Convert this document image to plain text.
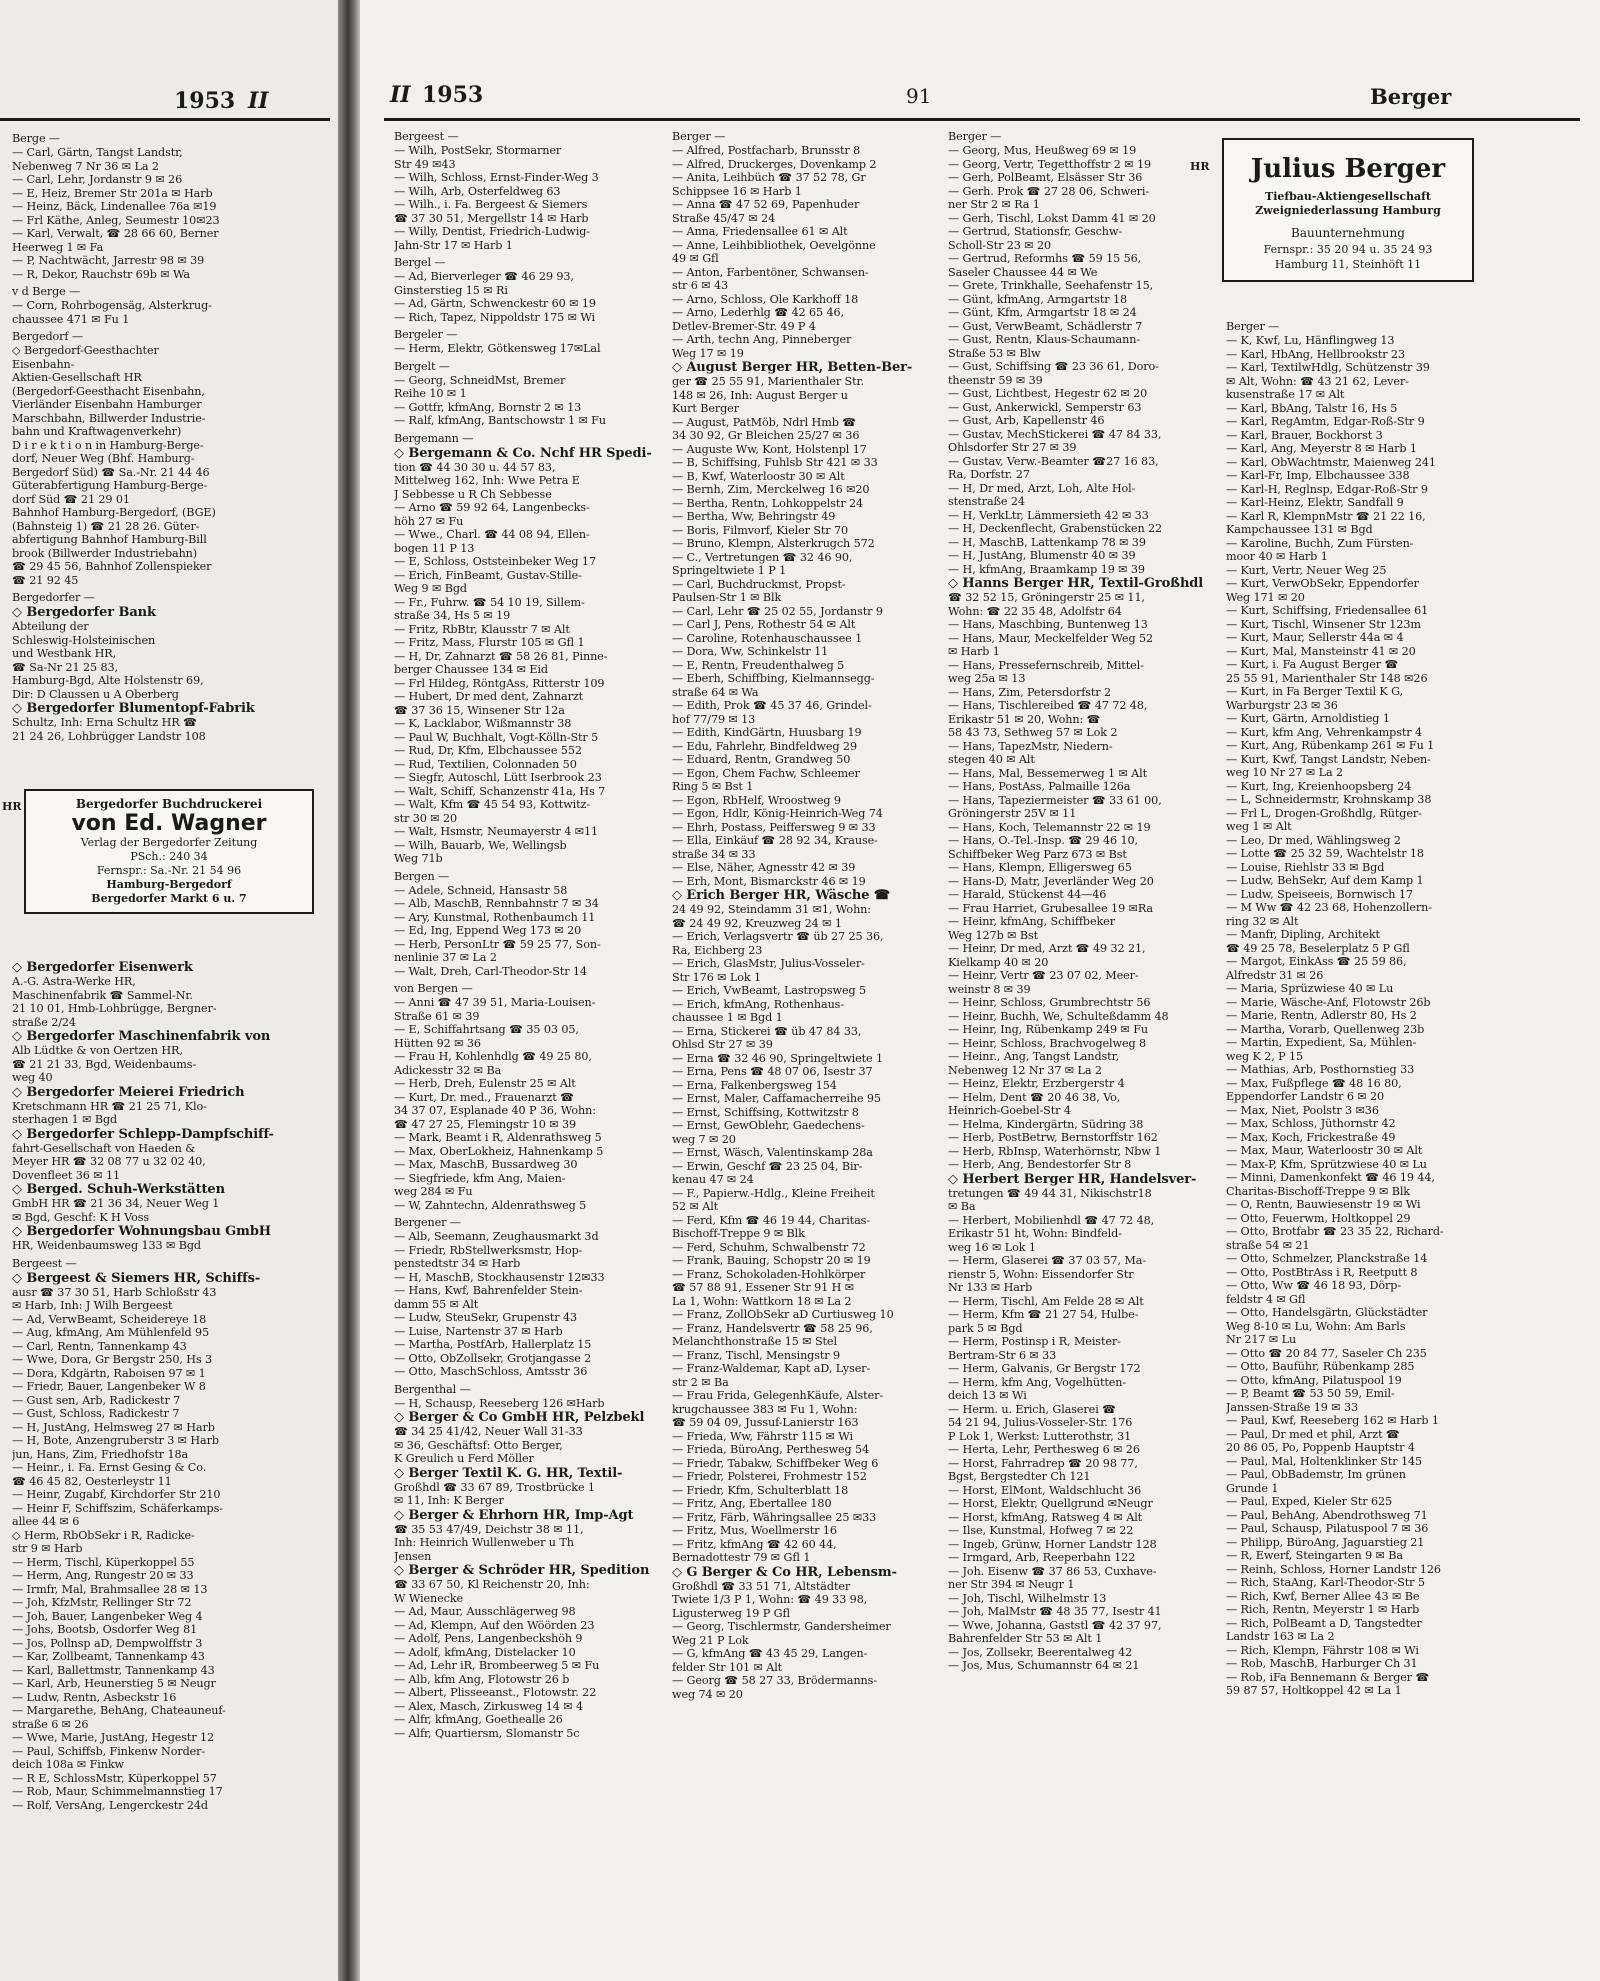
1953 II
Berge —
— Carl, Gärtn, Tangst Landstr,
Nebenweg 7 Nr 36 ✉ La 2
— Carl, Lehr, Jordanstr 9 ✉ 26
— E, Heiz, Bremer Str 201a ✉ Harb
— Heinz, Bäck, Lindenallee 76a ✉19
— Frl Käthe, Anleg, Seumestr 10✉23
— Karl, Verwalt, ☎ 28 66 60, Berner
Heerweg 1 ✉ Fa
— P, Nachtwächt, Jarrestr 98 ✉ 39
— R, Dekor, Rauchstr 69b ✉ Wa
v d Berge —
— Corn, Rohrbogensäg, Alsterkrug-
chaussee 471 ✉ Fu 1
Bergedorf —
◇ Bergedorf-Geesthachter
Eisenbahn-
Aktien-Gesellschaft HR
(Bergedorf-Geesthacht Eisenbahn,
Vierländer Eisenbahn Hamburger
Marschbahn, Billwerder Industrie-
bahn und Kraftwagenverkehr)
D i r e k t i o n in Hamburg-Berge-
dorf, Neuer Weg (Bhf. Hamburg-
Bergedorf Süd) ☎ Sa.-Nr. 21 44 46
Güterabfertigung Hamburg-Berge-
dorf Süd ☎ 21 29 01
Bahnhof Hamburg-Bergedorf, (BGE)
(Bahnsteig 1) ☎ 21 28 26. Güter-
abfertigung Bahnhof Hamburg-Bill
brook (Billwerder Industriebahn)
☎ 29 45 56, Bahnhof Zollenspieker
☎ 21 92 45
Bergedorfer —
◇ Bergedorfer Bank
Abteilung der
Schleswig-Holsteinischen
und Westbank HR,
☎ Sa-Nr 21 25 83,
Hamburg-Bgd, Alte Holstenstr 69,
Dir: D Claussen u A Oberberg
◇ Bergedorfer Blumentopf-Fabrik
Schultz, Inh: Erna Schultz HR ☎
21 24 26, Lohbrügger Landstr 108
HR	Bergedorfer Buchdruckerei
von Ed. Wagner
Verlag der Bergedorfer Zeitung
PSch.: 240 34
Fernspr.: Sa.-Nr. 21 54 96
Hamburg-Bergedorf
Bergedorfer Markt 6 u. 7
◇ Bergedorfer Eisenwerk
A.-G. Astra-Werke HR,
Maschinenfabrik ☎ Sammel-Nr.
21 10 01, Hmb-Lohbrügge, Bergner-
straße 2/24
◇ Bergedorfer Maschinenfabrik von
Alb Lüdtke & von Oertzen HR,
☎ 21 21 33, Bgd, Weidenbaums-
weg 40
◇ Bergedorfer Meierei Friedrich
Kretschmann HR ☎ 21 25 71, Klo-
sterhagen 1 ✉ Bgd
◇ Bergedorfer Schlepp-Dampfschiff-
fahrt-Gesellschaft von Haeden &
Meyer HR ☎ 32 08 77 u 32 02 40,
Dovenfleet 36 ✉ 11
◇ Berged. Schuh-Werkstätten
GmbH HR ☎ 21 36 34, Neuer Weg 1
✉ Bgd, Geschf: K H Voss
◇ Bergedorfer Wohnungsbau GmbH
HR, Weidenbaumsweg 133 ✉ Bgd
Bergeest —
◇ Bergeest & Siemers HR, Schiffs-
ausr ☎ 37 30 51, Harb Schloßstr 43
✉ Harb, Inh: J Wilh Bergeest
— Ad, VerwBeamt, Scheidereye 18
— Aug, kfmAng, Am Mühlenfeld 95
— Carl, Rentn, Tannenkamp 43
— Wwe, Dora, Gr Bergstr 250, Hs 3
— Dora, Kdgärtn, Raboisen 97 ✉ 1
— Friedr, Bauer, Langenbeker W 8
— Gust sen, Arb, Radickestr 7
— Gust, Schloss, Radickestr 7
— H, JustAng, Helmsweg 27 ✉ Harb
— H, Bote, Anzengruberstr 3 ✉ Harb
jun, Hans, Zim, Friedhofstr 18a
— Heinr., i. Fa. Ernst Gesing & Co.
☎ 46 45 82, Oesterleystr 11
— Heinr, Zugabf, Kirchdorfer Str 210
— Heinr F, Schiffszim, Schäferkamps-
allee 44 ✉ 6
◇ Herm, RbObSekr i R, Radicke-
str 9 ✉ Harb
— Herm, Tischl, Küperkoppel 55
— Herm, Ang, Rungestr 20 ✉ 33
— Irmfr, Mal, Brahmsallee 28 ✉ 13
— Joh, KfzMstr, Rellinger Str 72
— Joh, Bauer, Langenbeker Weg 4
— Johs, Bootsb, Osdorfer Weg 81
— Jos, Pollnsp aD, Dempwolffstr 3
— Kar, Zollbeamt, Tannenkamp 43
— Karl, Ballettmstr, Tannenkamp 43
— Karl, Arb, Heunerstieg 5 ✉ Neugr
— Ludw, Rentn, Asbeckstr 16
— Margarethe, BehAng, Chateauneuf-
straße 6 ✉ 26
— Wwe, Marie, JustAng, Hegestr 12
— Paul, Schiffsb, Finkenw Norder-
deich 108a ✉ Finkw
— R E, SchlossMstr, Küperkoppel 57
— Rob, Maur, Schimmelmannstieg 17
— Rolf, VersAng, Lengerckestr 24d
II 1953	91	Berger
Bergeest —
— Wilh, PostSekr, Stormarner
Str 49 ✉43
— Wilh, Schloss, Ernst-Finder-Weg 3
— Wilh, Arb, Osterfeldweg 63
— Wilh., i. Fa. Bergeest & Siemers
☎ 37 30 51, Mergellstr 14 ✉ Harb
— Willy, Dentist, Friedrich-Ludwig-
Jahn-Str 17 ✉ Harb 1
Bergel —
— Ad, Bierverleger ☎ 46 29 93,
Ginsterstieg 15 ✉ Ri
— Ad, Gärtn, Schwenckestr 60 ✉ 19
— Rich, Tapez, Nippoldstr 175 ✉ Wi
Bergeler —
— Herm, Elektr, Götkensweg 17✉Lal
Bergelt —
— Georg, SchneidMst, Bremer
Reihe 10 ✉ 1
— Gottfr, kfmAng, Bornstr 2 ✉ 13
— Ralf, kfmAng, Bantschowstr 1 ✉ Fu
Bergemann —
◇ Bergemann & Co. Nchf HR Spedi-
tion ☎ 44 30 30 u. 44 57 83,
Mittelweg 162, Inh: Wwe Petra E
J Sebbesse u R Ch Sebbesse
— Arno ☎ 59 92 64, Langenbecks-
höh 27 ✉ Fu
— Wwe., Charl. ☎ 44 08 94, Ellen-
bogen 11 P 13
— E, Schloss, Oststeinbeker Weg 17
— Erich, FinBeamt, Gustav-Stille-
Weg 9 ✉ Bgd
— Fr., Fuhrw. ☎ 54 10 19, Sillem-
straße 34, Hs 5 ✉ 19
— Fritz, RbBtr, Klausstr 7 ✉ Alt
— Fritz, Mass, Flurstr 105 ✉ Gfl 1
— H, Dr, Zahnarzt ☎ 58 26 81, Pinne-
berger Chaussee 134 ✉ Eid
— Frl Hildeg, RöntgAss, Ritterstr 109
— Hubert, Dr med dent, Zahnarzt
☎ 37 36 15, Winsener Str 12a
— K, Lacklabor, Wißmannstr 38
— Paul W, Buchhalt, Vogt-Kölln-Str 5
— Rud, Dr, Kfm, Elbchaussee 552
— Rud, Textilien, Colonnaden 50
— Siegfr, Autoschl, Lütt Iserbrook 23
— Walt, Schiff, Schanzenstr 41a, Hs 7
— Walt, Kfm ☎ 45 54 93, Kottwitz-
str 30 ✉ 20
— Walt, Hsmstr, Neumayerstr 4 ✉11
— Wilh, Bauarb, We, Wellingsb
Weg 71b
Bergen —
— Adele, Schneid, Hansastr 58
— Alb, MaschB, Rennbahnstr 7 ✉ 34
— Ary, Kunstmal, Rothenbaumch 11
— Ed, Ing, Eppend Weg 173 ✉ 20
— Herb, PersonLtr ☎ 59 25 77, Son-
nenlinie 37 ✉ La 2
— Walt, Dreh, Carl-Theodor-Str 14
von Bergen —
— Anni ☎ 47 39 51, Maria-Louisen-
Straße 61 ✉ 39
— E, Schiffahrtsang ☎ 35 03 05,
Hütten 92 ✉ 36
— Frau H, Kohlenhdlg ☎ 49 25 80,
Adickesstr 32 ✉ Ba
— Herb, Dreh, Eulenstr 25 ✉ Alt
— Kurt, Dr. med., Frauenarzt ☎
34 37 07, Esplanade 40 P 36, Wohn:
☎ 47 27 25, Flemingstr 10 ✉ 39
— Mark, Beamt i R, Aldenrathsweg 5
— Max, OberLokheiz, Hahnenkamp 5
— Max, MaschB, Bussardweg 30
— Siegfriede, kfm Ang, Maien-
weg 284 ✉ Fu
— W, Zahntechn, Aldenrathsweg 5
Bergener —
— Alb, Seemann, Zeughausmarkt 3d
— Friedr, RbStellwerksmstr, Hop-
penstedtstr 34 ✉ Harb
— H, MaschB, Stockhausenstr 12✉33
— Hans, Kwf, Bahrenfelder Stein-
damm 55 ✉ Alt
— Ludw, SteuSekr, Grupenstr 43
— Luise, Nartenstr 37 ✉ Harb
— Martha, PostfArb, Hallerplatz 15
— Otto, ObZollsekr, Grotjangasse 2
— Otto, MaschSchloss, Amtsstr 36
Bergenthal —
— H, Schausp, Reeseberg 126 ✉Harb
◇ Berger & Co GmbH HR, Pelzbekl
☎ 34 25 41/42, Neuer Wall 31-33
✉ 36, Geschäftsf: Otto Berger,
K Greulich u Ferd Möller
◇ Berger Textil K. G. HR, Textil-
Großhdl ☎ 33 67 89, Trostbrücke 1
✉ 11, Inh: K Berger
◇ Berger & Ehrhorn HR, Imp-Agt
☎ 35 53 47/49, Deichstr 38 ✉ 11,
Inh: Heinrich Wullenweber u Th
Jensen
◇ Berger & Schröder HR, Spedition
☎ 33 67 50, Kl Reichenstr 20, Inh:
W Wienecke
— Ad, Maur, Ausschlägerweg 98
— Ad, Klempn, Auf den Wöörden 23
— Adolf, Pens, Langenbeckshöh 9
— Adolf, kfmAng, Distelacker 10
— Ad, Lehr iR, Brombeerweg 5 ✉ Fu
— Alb, kfm Ang, Flotowstr 26 b
— Albert, Plisseeanst., Flotowstr. 22
— Alex, Masch, Zirkusweg 14 ✉ 4
— Alfr, kfmAng, Goethealle 26
— Alfr, Quartiersm, Slomanstr 5c
Berger —
— Alfred, Postfacharb, Brunsstr 8
— Alfred, Druckerges, Dovenkamp 2
— Anita, Leihbüch ☎ 37 52 78, Gr
Schippsee 16 ✉ Harb 1
— Anna ☎ 47 52 69, Papenhuder
Straße 45/47 ✉ 24
— Anna, Friedensallee 61 ✉ Alt
— Anne, Leihbibliothek, Oevelgönne
49 ✉ Gfl
— Anton, Farbentöner, Schwansen-
str 6 ✉ 43
— Arno, Schloss, Ole Karkhoff 18
— Arno, Lederhlg ☎ 42 65 46,
Detlev-Bremer-Str. 49 P 4
— Arth, techn Ang, Pinneberger
Weg 17 ✉ 19
◇ August Berger HR, Betten-Ber-
ger ☎ 25 55 91, Marienthaler Str.
148 ✉ 26, Inh: August Berger u
Kurt Berger
— August, PatMöb, Ndrl Hmb ☎
34 30 92, Gr Bleichen 25/27 ✉ 36
— Auguste Ww, Kont, Holstenpl 17
— B, Schiffsing, Fuhlsb Str 421 ✉ 33
— B, Kwf, Waterloostr 30 ✉ Alt
— Bernh, Zim, Merckelweg 16 ✉20
— Bertha, Rentn, Lohkoppelstr 24
— Bertha, Ww, Behringstr 49
— Boris, Filmvorf, Kieler Str 70
— Bruno, Klempn, Alsterkrugch 572
— C., Vertretungen ☎ 32 46 90,
Springeltwiete 1 P 1
— Carl, Buchdruckmst, Propst-
Paulsen-Str 1 ✉ Blk
— Carl, Lehr ☎ 25 02 55, Jordanstr 9
— Carl J, Pens, Rothestr 54 ✉ Alt
— Caroline, Rotenhauschaussee 1
— Dora, Ww, Schinkelstr 11
— E, Rentn, Freudenthalweg 5
— Eberh, Schiffbing, Kielmannsegg-
straße 64 ✉ Wa
— Edith, Prok ☎ 45 37 46, Grindel-
hof 77/79 ✉ 13
— Edith, KindGärtn, Huusbarg 19
— Edu, Fahrlehr, Bindfeldweg 29
— Eduard, Rentn, Grandweg 50
— Egon, Chem Fachw, Schleemer
Ring 5 ✉ Bst 1
— Egon, RbHelf, Wroostweg 9
— Egon, Hdlr, König-Heinrich-Weg 74
— Ehrh, Postass, Peiffersweg 9 ✉ 33
— Ella, Einkäuf ☎ 28 92 34, Krause-
straße 34 ✉ 33
— Else, Näher, Agnesstr 42 ✉ 39
— Erh, Mont, Bismarckstr 46 ✉ 19
◇ Erich Berger HR, Wäsche ☎
24 49 92, Steindamm 31 ✉1, Wohn:
☎ 24 49 92, Kreuzweg 24 ✉ 1
— Erich, Verlagsvertr ☎ üb 27 25 36,
Ra, Eichberg 23
— Erich, GlasMstr, Julius-Vosseler-
Str 176 ✉ Lok 1
— Erich, VwBeamt, Lastropsweg 5
— Erich, kfmAng, Rothenhaus-
chaussee 1 ✉ Bgd 1
— Erna, Stickerei ☎ üb 47 84 33,
Ohlsd Str 27 ✉ 39
— Erna ☎ 32 46 90, Springeltwiete 1
— Erna, Pens ☎ 48 07 06, Isestr 37
— Erna, Falkenbergsweg 154
— Ernst, Maler, Caffamacherreihe 95
— Ernst, Schiffsing, Kottwitzstr 8
— Ernst, GewOblehr, Gaedechens-
weg 7 ✉ 20
— Ernst, Wäsch, Valentinskamp 28a
— Erwin, Geschf ☎ 23 25 04, Bir-
kenau 47 ✉ 24
— F., Papierw.-Hdlg., Kleine Freiheit
52 ✉ Alt
— Ferd, Kfm ☎ 46 19 44, Charitas-
Bischoff-Treppe 9 ✉ Blk
— Ferd, Schuhm, Schwalbenstr 72
— Frank, Bauing, Schopstr 20 ✉ 19
— Franz, Schokoladen-Hohlkörper
☎ 57 88 91, Essener Str 91 H ✉
La 1, Wohn: Wattkorn 18 ✉ La 2
— Franz, ZollObSekr aD Curtiusweg 10
— Franz, Handelsvertr ☎ 58 25 96,
Melanchthonstraße 15 ✉ Stel
— Franz, Tischl, Mensingstr 9
— Franz-Waldemar, Kapt aD, Lyser-
str 2 ✉ Ba
— Frau Frida, GelegenhKäufe, Alster-
krugchaussee 383 ✉ Fu 1, Wohn:
☎ 59 04 09, Jussuf-Lanierstr 163
— Frieda, Ww, Fährstr 115 ✉ Wi
— Frieda, BüroAng, Perthesweg 54
— Friedr, Tabakw, Schiffbeker Weg 6
— Friedr, Polsterei, Frohmestr 152
— Friedr, Kfm, Schulterblatt 18
— Fritz, Ang, Ebertallee 180
— Fritz, Färb, Währingsallee 25 ✉33
— Fritz, Mus, Woellmerstr 16
— Fritz, kfmAng ☎ 42 60 44,
Bernadottestr 79 ✉ Gfl 1
◇ G Berger & Co HR, Lebensm-
Großhdl ☎ 33 51 71, Altstädter
Twiete 1/3 P 1, Wohn: ☎ 49 33 98,
Ligusterweg 19 P Gfl
— Georg, Tischlermstr, Gandersheimer
Weg 21 P Lok
— G, kfmAng ☎ 43 45 29, Langen-
felder Str 101 ✉ Alt
— Georg ☎ 58 27 33, Brödermanns-
weg 74 ✉ 20
Berger —
— Georg, Mus, Heußweg 69 ✉ 19
— Georg, Vertr, Tegetthoffstr 2 ✉ 19
— Gerh, PolBeamt, Elsässer Str 36
— Gerh. Prok ☎ 27 28 06, Schweri-
ner Str 2 ✉ Ra 1
— Gerh, Tischl, Lokst Damm 41 ✉ 20
— Gertrud, Stationsfr, Geschw-
Scholl-Str 23 ✉ 20
— Gertrud, Reformhs ☎ 59 15 56,
Saseler Chaussee 44 ✉ We
— Grete, Trinkhalle, Seehafenstr 15,
— Günt, kfmAng, Armgartstr 18
— Günt, Kfm, Armgartstr 18 ✉ 24
— Gust, VerwBeamt, Schädlerstr 7
— Gust, Rentn, Klaus-Schaumann-
Straße 53 ✉ Blw
— Gust, Schiffsing ☎ 23 36 61, Doro-
theenstr 59 ✉ 39
— Gust, Lichtbest, Hegestr 62 ✉ 20
— Gust, Ankerwickl, Semperstr 63
— Gust, Arb, Kapellenstr 46
— Gustav, MechStickerei ☎ 47 84 33,
Ohlsdorfer Str 27 ✉ 39
— Gustav, Verw.-Beamter ☎27 16 83,
Ra, Dorfstr. 27
— H, Dr med, Arzt, Loh, Alte Hol-
stenstraße 24
— H, VerkLtr, Lämmersieth 42 ✉ 33
— H, Deckenflecht, Grabenstücken 22
— H, MaschB, Lattenkamp 78 ✉ 39
— H, JustAng, Blumenstr 40 ✉ 39
— H, kfmAng, Braamkamp 19 ✉ 39
◇ Hanns Berger HR, Textil-Großhdl
☎ 32 52 15, Gröningerstr 25 ✉ 11,
Wohn: ☎ 22 35 48, Adolfstr 64
— Hans, Maschbing, Buntenweg 13
— Hans, Maur, Meckelfelder Weg 52
✉ Harb 1
— Hans, Pressefernschreib, Mittel-
weg 25a ✉ 13
— Hans, Zim, Petersdorfstr 2
— Hans, Tischlereibed ☎ 47 72 48,
Erikastr 51 ✉ 20, Wohn: ☎
58 43 73, Sethweg 57 ✉ Lok 2
— Hans, TapezMstr, Niedern-
stegen 40 ✉ Alt
— Hans, Mal, Bessemerweg 1 ✉ Alt
— Hans, PostAss, Palmaille 126a
— Hans, Tapeziermeister ☎ 33 61 00,
Gröningerstr 25V ✉ 11
— Hans, Koch, Telemannstr 22 ✉ 19
— Hans, O.-Tel.-Insp. ☎ 29 46 10,
Schiffbeker Weg Parz 673 ✉ Bst
— Hans, Klempn, Elligersweg 65
— Hans-D, Matr, Jeverländer Weg 20
— Harald, Stückenst 44—46
— Frau Harriet, Grubesallee 19 ✉Ra
— Heinr, kfmAng, Schiffbeker
Weg 127b ✉ Bst
— Heinr, Dr med, Arzt ☎ 49 32 21,
Kielkamp 40 ✉ 20
— Heinr, Vertr ☎ 23 07 02, Meer-
weinstr 8 ✉ 39
— Heinr, Schloss, Grumbrechtstr 56
— Heinr, Buchh, We, Schulteßdamm 48
— Heinr, Ing, Rübenkamp 249 ✉ Fu
— Heinr, Schloss, Brachvogelweg 8
— Heinr., Ang, Tangst Landstr,
Nebenweg 12 Nr 37 ✉ La 2
— Heinz, Elektr, Erzbergerstr 4
— Helm, Dent ☎ 20 46 38, Vo,
Heinrich-Goebel-Str 4
— Helma, Kindergärtn, Südring 38
— Herb, PostBetrw, Bernstorffstr 162
— Herb, RbInsp, Waterhörnstr, Nbw 1
— Herb, Ang, Bendestorfer Str 8
◇ Herbert Berger HR, Handelsver-
tretungen ☎ 49 44 31, Nikischstr18
✉ Ba
— Herbert, Mobilienhdl ☎ 47 72 48,
Erikastr 51 ht, Wohn: Bindfeld-
weg 16 ✉ Lok 1
— Herm, Glaserei ☎ 37 03 57, Ma-
rienstr 5, Wohn: Eissendorfer Str
Nr 133 ✉ Harb
— Herm, Tischl, Am Felde 28 ✉ Alt
— Herm, Kfm ☎ 21 27 54, Hulbe-
park 5 ✉ Bgd
— Herm, Postinsp i R, Meister-
Bertram-Str 6 ✉ 33
— Herm, Galvanis, Gr Bergstr 172
— Herm, kfm Ang, Vogelhütten-
deich 13 ✉ Wi
— Herm. u. Erich, Glaserei ☎
54 21 94, Julius-Vosseler-Str. 176
P Lok 1, Werkst: Lutterothstr, 31
— Herta, Lehr, Perthesweg 6 ✉ 26
— Horst, Fahrradrep ☎ 20 98 77,
Bgst, Bergstedter Ch 121
— Horst, ElMont, Waldschlucht 36
— Horst, Elektr, Quellgrund ✉Neugr
— Horst, kfmAng, Ratsweg 4 ✉ Alt
— Ilse, Kunstmal, Hofweg 7 ✉ 22
— Ingeb, Grünw, Horner Landstr 128
— Irmgard, Arb, Reeperbahn 122
— Joh. Eisenw ☎ 37 86 53, Cuxhave-
ner Str 394 ✉ Neugr 1
— Joh, Tischl, Wilhelmstr 13
— Joh, MalMstr ☎ 48 35 77, Isestr 41
— Wwe, Johanna, Gaststl ☎ 42 37 97,
Bahrenfelder Str 53 ✉ Alt 1
— Jos, Zollsekr, Beerentalweg 42
— Jos, Mus, Schumannstr 64 ✉ 21
HR	Julius Berger
Tiefbau-Aktiengesellschaft
Zweigniederlassung Hamburg
Bauunternehmung
Fernspr.: 35 20 94 u. 35 24 93
Hamburg 11, Steinhöft 11
Berger —
— K, Kwf, Lu, Hänflingweg 13
— Karl, HbAng, Hellbrookstr 23
— Karl, TextilwHdlg, Schützenstr 39
✉ Alt, Wohn: ☎ 43 21 62, Lever-
kusenstraße 17 ✉ Alt
— Karl, BbAng, Talstr 16, Hs 5
— Karl, RegAmtm, Edgar-Roß-Str 9
— Karl, Brauer, Bockhorst 3
— Karl, Ang, Meyerstr 8 ✉ Harb 1
— Karl, ObWachtmstr, Maienweg 241
— Karl-Fr, Imp, Elbchaussee 338
— Karl-H, Reglnsp, Edgar-Roß-Str 9
— Karl-Heinz, Elektr, Sandfall 9
— Karl R, KlempnMstr ☎ 21 22 16,
Kampchaussee 131 ✉ Bgd
— Karoline, Buchh, Zum Fürsten-
moor 40 ✉ Harb 1
— Kurt, Vertr, Neuer Weg 25
— Kurt, VerwObSekr, Eppendorfer
Weg 171 ✉ 20
— Kurt, Schiffsing, Friedensallee 61
— Kurt, Tischl, Winsener Str 123m
— Kurt, Maur, Sellerstr 44a ✉ 4
— Kurt, Mal, Mansteinstr 41 ✉ 20
— Kurt, i. Fa August Berger ☎
25 55 91, Marienthaler Str 148 ✉26
— Kurt, in Fa Berger Textil K G,
Warburgstr 23 ✉ 36
— Kurt, Gärtn, Arnoldistieg 1
— Kurt, kfm Ang, Vehrenkampstr 4
— Kurt, Ang, Rübenkamp 261 ✉ Fu 1
— Kurt, Kwf, Tangst Landstr, Neben-
weg 10 Nr 27 ✉ La 2
— Kurt, Ing, Kreienhoopsberg 24
— L, Schneidermstr, Krohnskamp 38
— Frl L, Drogen-Großhdlg, Rütger-
weg 1 ✉ Alt
— Leo, Dr med, Wählingsweg 2
— Lotte ☎ 25 32 59, Wachtelstr 18
— Louise, Riehlstr 33 ✉ Bgd
— Ludw, BehSekr, Auf dem Kamp 1
— Ludw, Speiseeis, Bornwisch 17
— M Ww ☎ 42 23 68, Hohenzollern-
ring 32 ✉ Alt
— Manfr, Dipling, Architekt
☎ 49 25 78, Beselerplatz 5 P Gfl
— Margot, EinkAss ☎ 25 59 86,
Alfredstr 31 ✉ 26
— Maria, Sprüzwiese 40 ✉ Lu
— Marie, Wäsche-Anf, Flotowstr 26b
— Marie, Rentn, Adlerstr 80, Hs 2
— Martha, Vorarb, Quellenweg 23b
— Martin, Expedient, Sa, Mühlen-
weg K 2, P 15
— Mathias, Arb, Posthornstieg 33
— Max, Fußpflege ☎ 48 16 80,
Eppendorfer Landstr 6 ✉ 20
— Max, Niet, Poolstr 3 ✉36
— Max, Schloss, Jüthornstr 42
— Max, Koch, Frickestraße 49
— Max, Maur, Waterloostr 30 ✉ Alt
— Max-P, Kfm, Sprützwiese 40 ✉ Lu
— Minni, Damenkonfekt ☎ 46 19 44,
Charitas-Bischoff-Treppe 9 ✉ Blk
— O, Rentn, Bauwiesenstr 19 ✉ Wi
— Otto, Feuerwm, Holtkoppel 29
— Otto, Brotfabr ☎ 23 35 22, Richard-
straße 54 ✉ 21
— Otto, Schmelzer, Planckstraße 14
— Otto, PostBtrAss i R, Reetputt 8
— Otto, Ww ☎ 46 18 93, Dörp-
feldstr 4 ✉ Gfl
— Otto, Handelsgärtn, Glückstädter
Weg 8-10 ✉ Lu, Wohn: Am Barls
Nr 217 ✉ Lu
— Otto ☎ 20 84 77, Saseler Ch 235
— Otto, Bauführ, Rübenkamp 285
— Otto, kfmAng, Pilatuspool 19
— P, Beamt ☎ 53 50 59, Emil-
Janssen-Straße 19 ✉ 33
— Paul, Kwf, Reeseberg 162 ✉ Harb 1
— Paul, Dr med et phil, Arzt ☎
20 86 05, Po, Poppenb Hauptstr 4
— Paul, Mal, Holtenklinker Str 145
— Paul, ObBademstr, Im grünen
Grunde 1
— Paul, Exped, Kieler Str 625
— Paul, BehAng, Abendrothsweg 71
— Paul, Schausp, Pilatuspool 7 ✉ 36
— Philipp, BüroAng, Jaguarstieg 21
— R, Ewerf, Steingarten 9 ✉ Ba
— Reinh, Schloss, Horner Landstr 126
— Rich, StaAng, Karl-Theodor-Str 5
— Rich, Kwf, Berner Allee 43 ✉ Be
— Rich, Rentn, Meyerstr 1 ✉ Harb
— Rich, PolBeamt a D, Tangstedter
Landstr 163 ✉ La 2
— Rich, Klempn, Fährstr 108 ✉ Wi
— Rob, MaschB, Harburger Ch 31
— Rob, iFa Bennemann & Berger ☎
59 87 57, Holtkoppel 42 ✉ La 1
